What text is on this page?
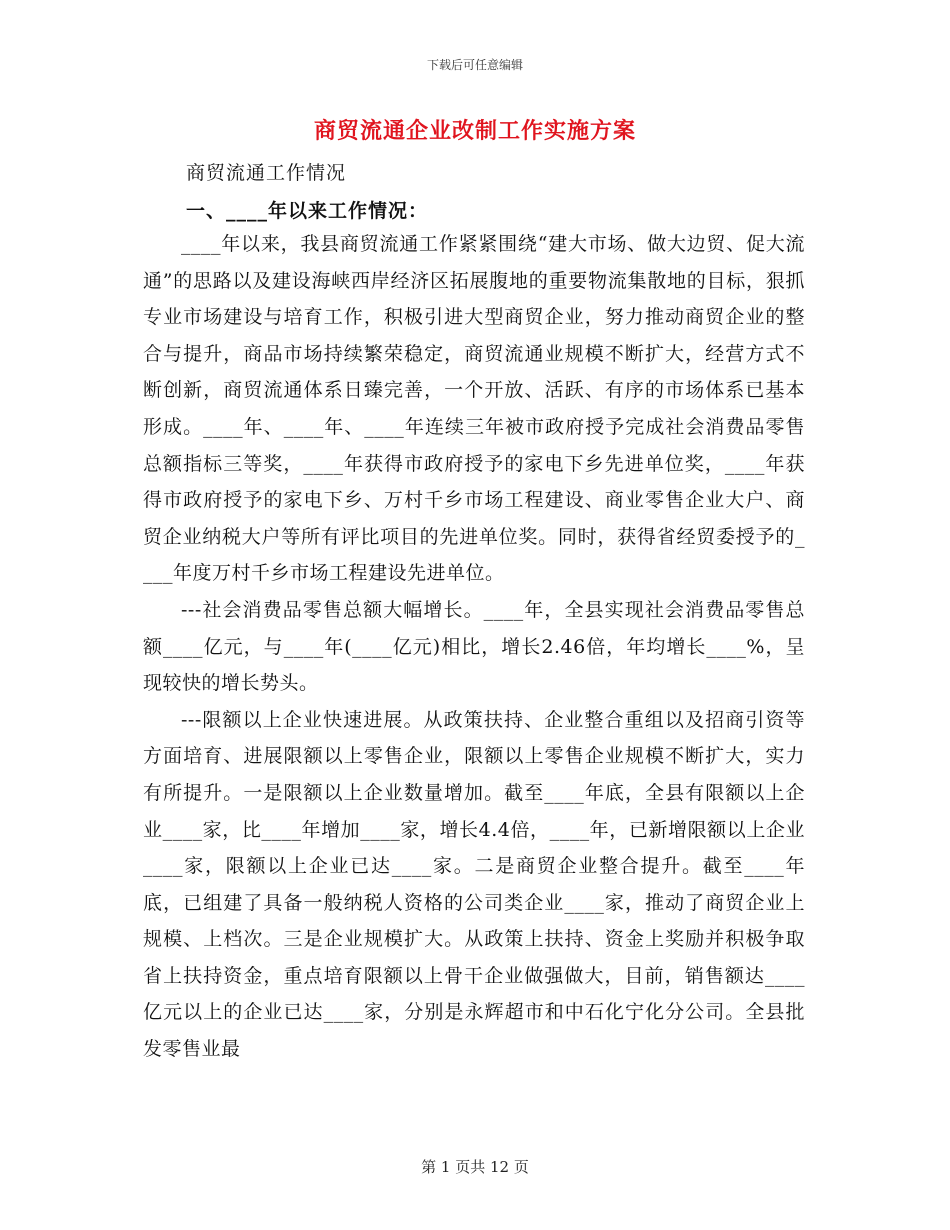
下载后可任意编辑
商贸流通企业改制工作实施方案
商贸流通工作情况
一、____年以来工作情况：

____年以来，我县商贸流通工作紧紧围绕“建大市场、做大边贸、促大流通”的思路以及建设海峡西岸经济区拓展腹地的重要物流集散地的目标，狠抓专业市场建设与培育工作，积极引进大型商贸企业，努力推动商贸企业的整合与提升，商品市场持续繁荣稳定，商贸流通业规模不断扩大，经营方式不断创新，商贸流通体系日臻完善，一个开放、活跃、有序的市场体系已基本形成。____年、____年、____年连续三年被市政府授予完成社会消费品零售总额指标三等奖，____年获得市政府授予的家电下乡先进单位奖，____年获得市政府授予的家电下乡、万村千乡市场工程建设、商业零售企业大户、商贸企业纳税大户等所有评比项目的先进单位奖。同时，获得省经贸委授予的____年度万村千乡市场工程建设先进单位。

---社会消费品零售总额大幅增长。____年，全县实现社会消费品零售总额____亿元，与____年(____亿元)相比，增长2.46倍，年均增长____%，呈现较快的增长势头。

---限额以上企业快速进展。从政策扶持、企业整合重组以及招商引资等方面培育、进展限额以上零售企业，限额以上零售企业规模不断扩大，实力有所提升。一是限额以上企业数量增加。截至____年底，全县有限额以上企业____家，比____年增加____家，增长4.4倍，____年，已新增限额以上企业____家，限额以上企业已达____家。二是商贸企业整合提升。截至____年底，已组建了具备一般纳税人资格的公司类企业____家，推动了商贸企业上规模、上档次。三是企业规模扩大。从政策上扶持、资金上奖励并积极争取省上扶持资金，重点培育限额以上骨干企业做强做大，目前，销售额达____亿元以上的企业已达____家，分别是永辉超市和中石化宁化分公司。全县批发零售业最

第 1 页共 12 页
